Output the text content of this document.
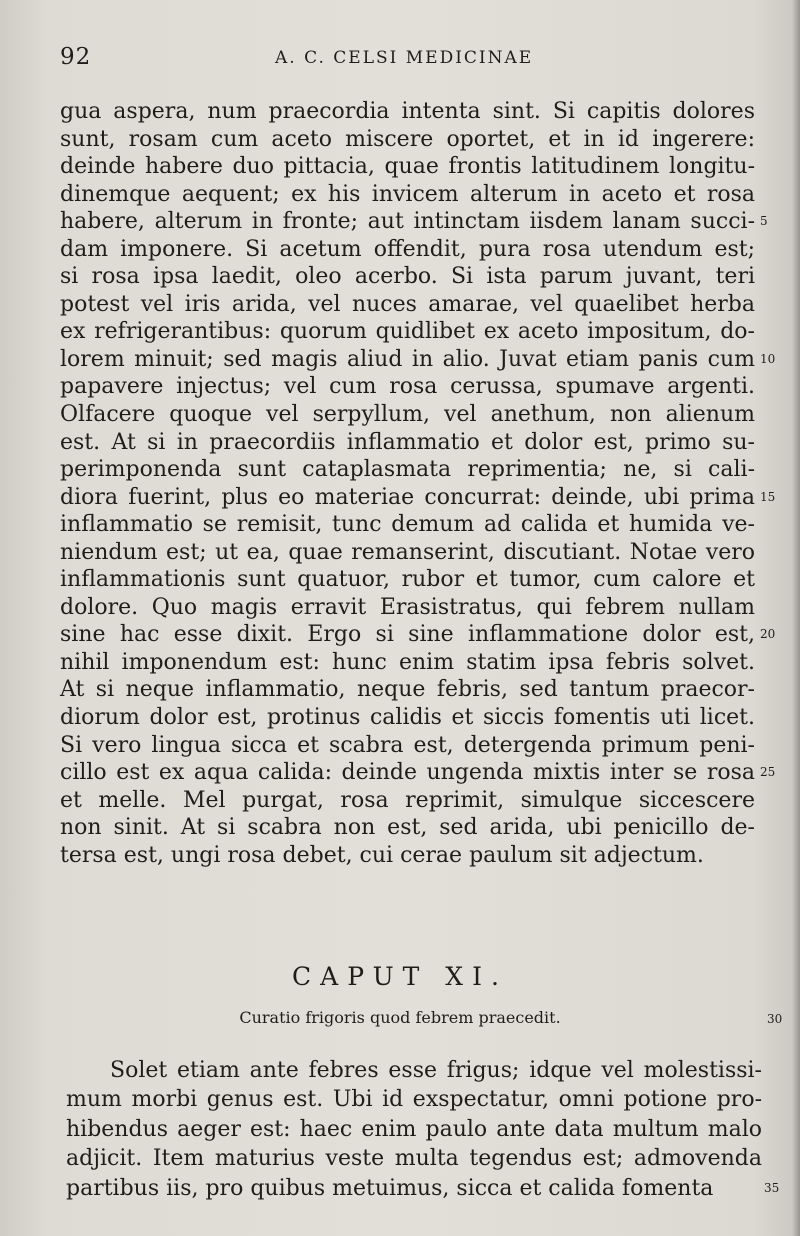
92	A. C. CELSI MEDICINAE
gua aspera, num praecordia intenta sint. Si capitis dolores
sunt, rosam cum aceto miscere oportet, et in id ingerere:
deinde habere duo pittacia, quae frontis latitudinem longitu-
dinemque aequent; ex his invicem alterum in aceto et rosa
habere, alterum in fronte; aut intinctam iisdem lanam succi- 5
dam imponere. Si acetum offendit, pura rosa utendum est;
si rosa ipsa laedit, oleo acerbo. Si ista parum juvant, teri
potest vel iris arida, vel nuces amarae, vel quaelibet herba
ex refrigerantibus: quorum quidlibet ex aceto impositum, do-
lorem minuit; sed magis aliud in alio. Juvat etiam panis cum 10
papavere injectus; vel cum rosa cerussa, spumave argenti.
Olfacere quoque vel serpyllum, vel anethum, non alienum
est. At si in praecordiis inflammatio et dolor est, primo su-
perimponenda sunt cataplasmata reprimentia; ne, si cali-
diora fuerint, plus eo materiae concurrat: deinde, ubi prima 15
inflammatio se remisit, tunc demum ad calida et humida ve-
niendum est; ut ea, quae remanserint, discutiant. Notae vero
inflammationis sunt quatuor, rubor et tumor, cum calore et
dolore. Quo magis erravit Erasistratus, qui febrem nullam
sine hac esse dixit. Ergo si sine inflammatione dolor est, 20
nihil imponendum est: hunc enim statim ipsa febris solvet.
At si neque inflammatio, neque febris, sed tantum praecor-
diorum dolor est, protinus calidis et siccis fomentis uti licet.
Si vero lingua sicca et scabra est, detergenda primum peni-
cillo est ex aqua calida: deinde ungenda mixtis inter se rosa 25
et melle. Mel purgat, rosa reprimit, simulque siccescere
non sinit. At si scabra non est, sed arida, ubi penicillo de-
tersa est, ungi rosa debet, cui cerae paulum sit adjectum.
CAPUT XI.
Curatio frigoris quod febrem praecedit.	30
Solet etiam ante febres esse frigus; idque vel molestissi-
mum morbi genus est. Ubi id exspectatur, omni potione pro-
hibendus aeger est: haec enim paulo ante data multum malo
adjicit. Item maturius veste multa tegendus est; admovenda
partibus iis, pro quibus metuimus, sicca et calida fomenta	35
